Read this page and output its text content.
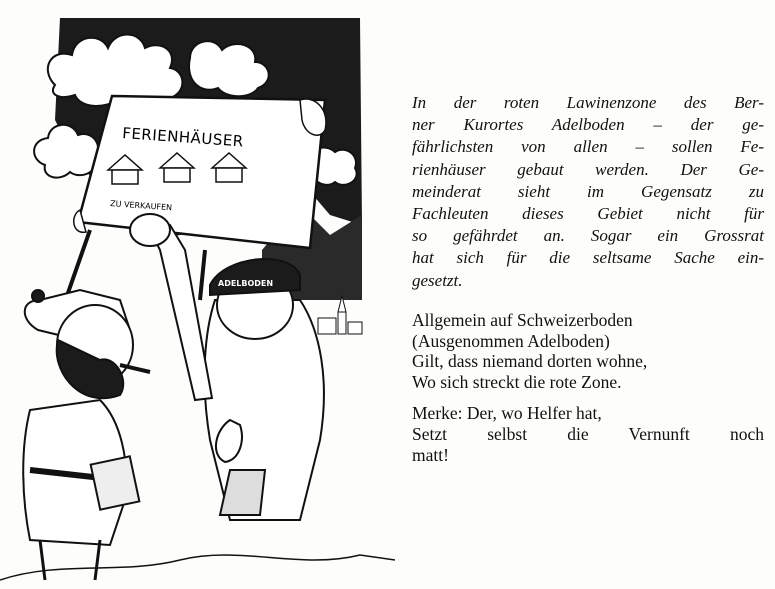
FERIENHÄUSER
ZU VERKAUFEN
ADELBODEN

In der roten Lawinenzone des Ber-
ner Kurortes Adelboden – der ge-
fährlichsten von allen – sollen Fe-
rienhäuser gebaut werden. Der Ge-
meinderat sieht im Gegensatz zu
Fachleuten dieses Gebiet nicht für
so gefährdet an. Sogar ein Grossrat
hat sich für die seltsame Sache ein-
gesetzt.

Allgemein auf Schweizerboden
(Ausgenommen Adelboden)
Gilt, dass niemand dorten wohne,
Wo sich streckt die rote Zone.
Merke: Der, wo Helfer hat,
Setzt selbst die Vernunft noch
matt!
